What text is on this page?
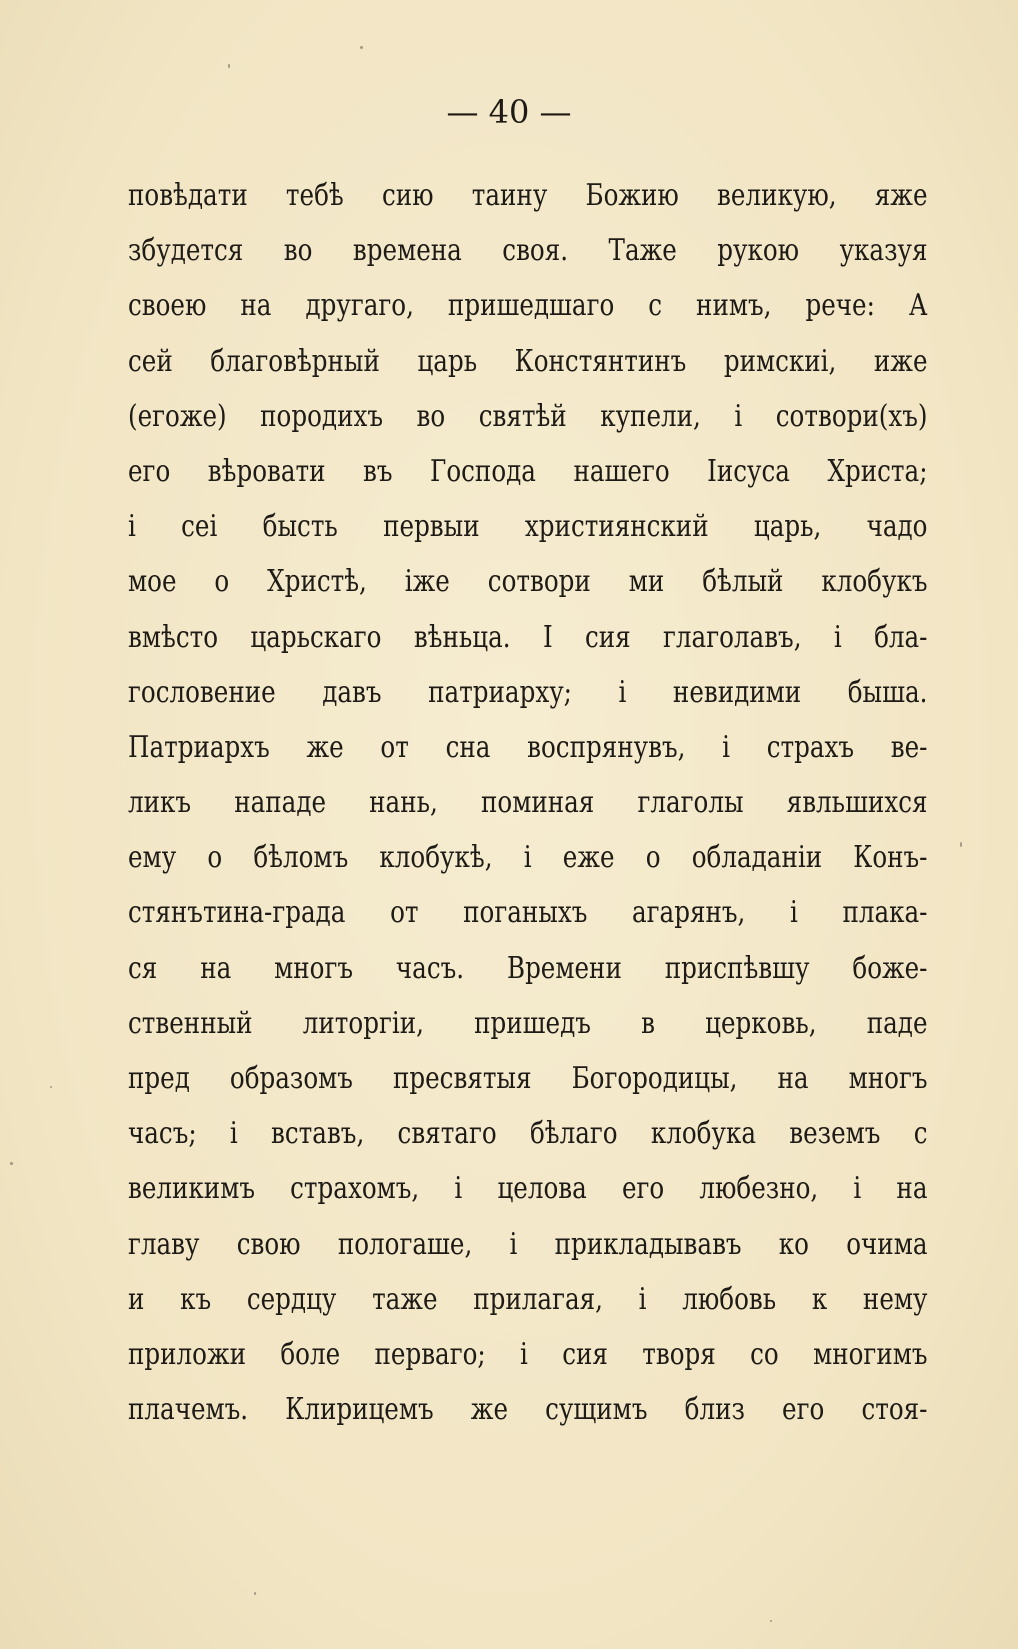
— 40 —
повѣдати тебѣ сию таину Божию великую, яже
збудется во времена своя. Таже рукою указуя
своею на другаго, пришедшаго с нимъ, рече: А
сей благовѣрный царь Констянтинъ римскиі, иже
(егоже) породихъ во святѣй купели, і сотвори(хъ)
его вѣровати въ Господа нашего Іисуса Христа;
і сеі бысть первыи християнский царь, чадо
мое о Христѣ, іже сотвори ми бѣлый клобукъ
вмѣсто царьскаго вѣньца. І сия глаголавъ, і бла-
гословение давъ патриарху; і невидими быша.
Патриархъ же от сна воспрянувъ, і страхъ ве-
ликъ нападе нань, поминая глаголы явльшихся
ему о бѣломъ клобукѣ, і еже о обладаніи Конъ-
стянътина-града от поганыхъ агарянъ, і плака-
ся на многъ часъ. Времени приспѣвшу боже-
ственный литоргіи, пришедъ в церковь, паде
пред образомъ пресвятыя Богородицы, на многъ
часъ; і вставъ, святаго бѣлаго клобука веземъ с
великимъ страхомъ, і целова его любезно, і на
главу свою пологаше, і прикладывавъ ко очима
и къ сердцу таже прилагая, і любовь к нему
приложи боле перваго; і сия творя со многимъ
плачемъ. Клирицемъ же сущимъ близ его стоя-
